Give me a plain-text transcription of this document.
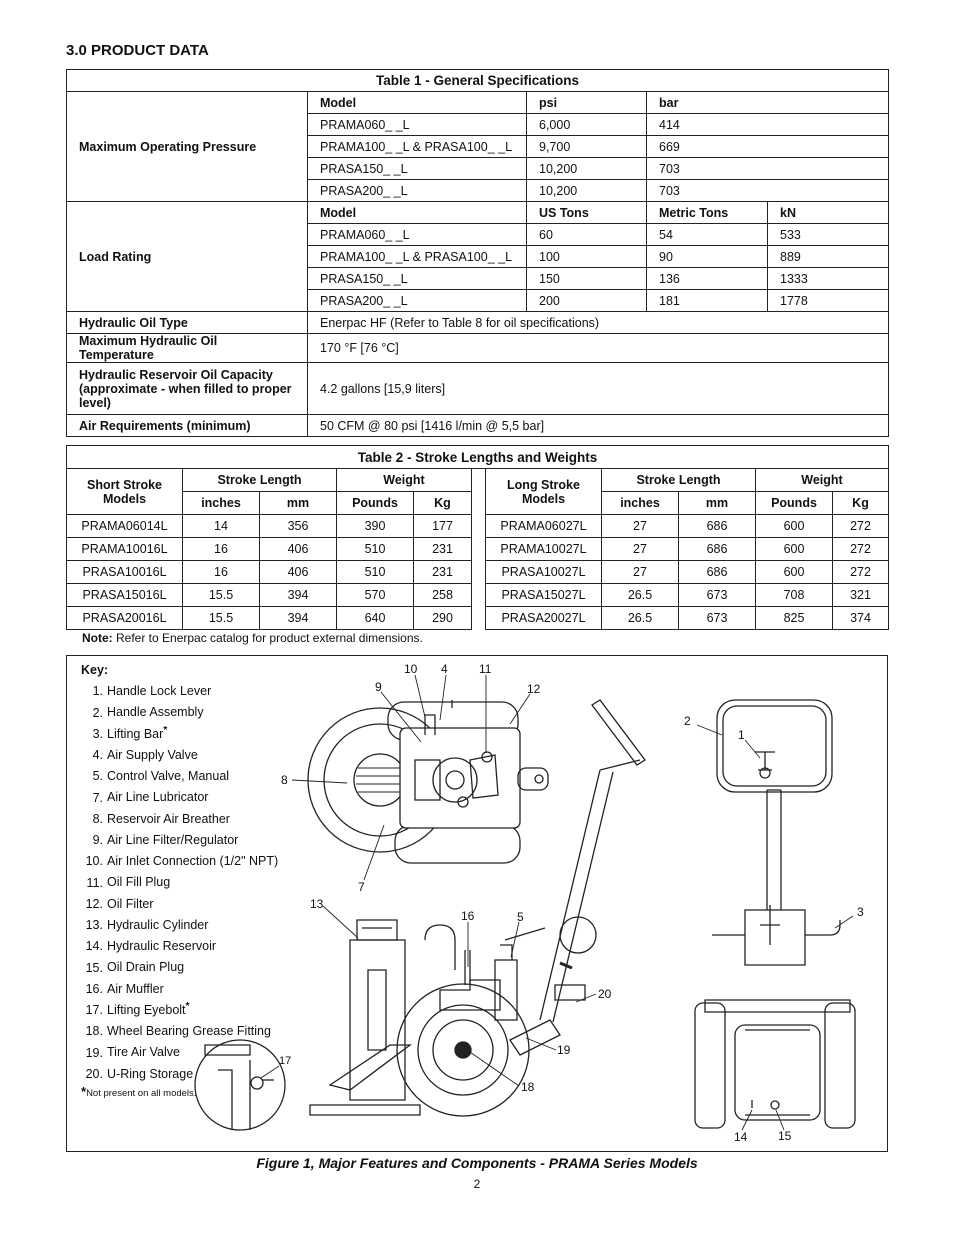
3.0 PRODUCT DATA
Table 1 - General Specifications				
Maximum Operating Pressure	Model	psi	bar	
	PRAMA060_ _L	6,000	414	
	PRAMA100_ _L & PRASA100_ _L	9,700	669	
	PRASA150_ _L	10,200	703	
	PRASA200_ _L	10,200	703	
Load Rating	Model	US Tons	Metric Tons	kN
	PRAMA060_ _L	60	54	533
	PRAMA100_ _L & PRASA100_ _L	100	90	889
	PRASA150_ _L	150	136	1333
	PRASA200_ _L	200	181	1778
Hydraulic Oil Type	Enerpac HF (Refer to Table 8 for oil specifications)			
Maximum Hydraulic Oil Temperature	170 °F [76 °C]			
Hydraulic Reservoir Oil Capacity (approximate - when filled to proper level)	4.2 gallons [15,9 liters]			
Air Requirements (minimum)	50 CFM @ 80 psi [1416 l/min @ 5,5 bar]			
Table 2 - Stroke Lengths and Weights										
Short Stroke Models	Stroke Length		Weight			Long Stroke Models	Stroke Length		Weight	
	inches	mm	Pounds	Kg			inches	mm	Pounds	Kg
PRAMA06014L	14	356	390	177		PRAMA06027L	27	686	600	272
PRAMA10016L	16	406	510	231		PRAMA10027L	27	686	600	272
PRASA10016L	16	406	510	231		PRASA10027L	27	686	600	272
PRASA15016L	15.5	394	570	258		PRASA15027L	26.5	673	708	321
PRASA20016L	15.5	394	640	290		PRASA20027L	26.5	673	825	374
Note: Refer to Enerpac catalog for product external dimensions.
Key:
1. Handle Lock Lever
2. Handle Assembly
3. Lifting Bar*
4. Air Supply Valve
5. Control Valve, Manual
7. Air Line Lubricator
8. Reservoir Air Breather
9. Air Line Filter/Regulator
10. Air Inlet Connection (1/2" NPT)
11. Oil Fill Plug
12. Oil Filter
13. Hydraulic Cylinder
14. Hydraulic Reservoir
15. Oil Drain Plug
16. Air Muffler
17. Lifting Eyebolt*
18. Wheel Bearing Grease Fitting
19. Tire Air Valve
20. U-Ring Storage
*Not present on all models.
10 4	11
9	12
8
7
13
16	5
20
19
18
17
2
1
3
14	15
Figure 1, Major Features and Components - PRAMA Series Models
2
